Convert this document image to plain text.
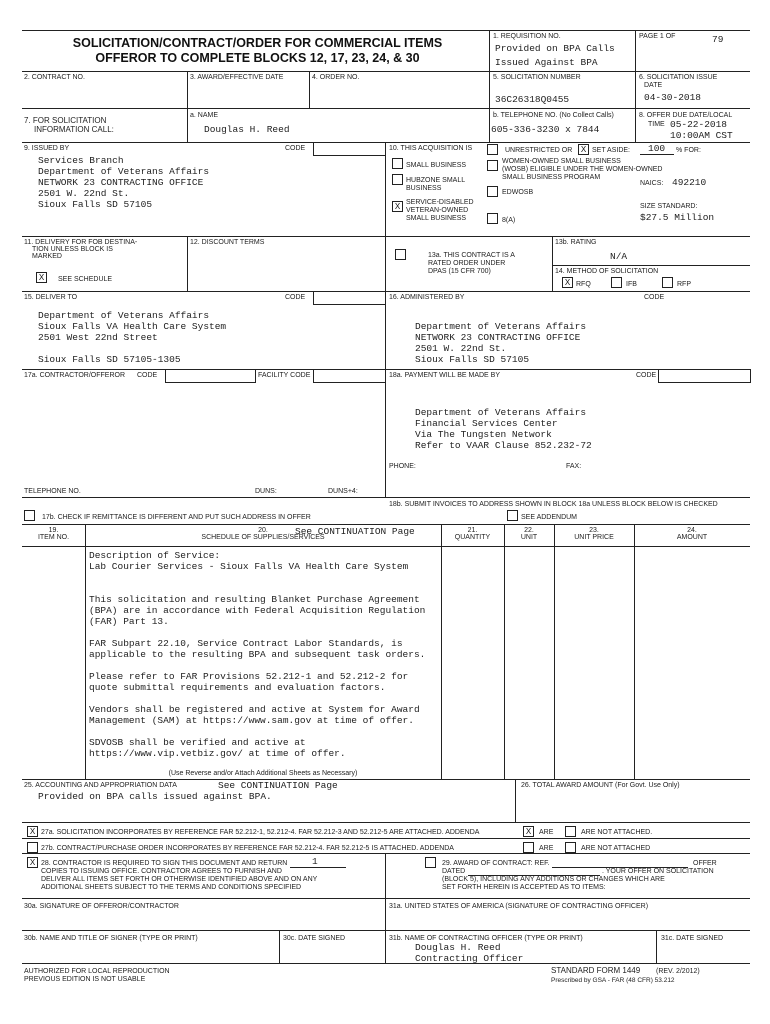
SOLICITATION/CONTRACT/ORDER FOR COMMERCIAL ITEMS
OFFEROR TO COMPLETE BLOCKS 12, 17, 23, 24, & 30
1. REQUISITION NO.
Provided on BPA Calls
Issued Against BPA
PAGE 1 OF	79
2. CONTRACT NO.	3. AWARD/EFFECTIVE DATE	4. ORDER NO.	5. SOLICITATION NUMBER
36C26318Q0455
6. SOLICITATION ISSUE
DATE
04-30-2018
7. FOR SOLICITATION
INFORMATION CALL:
a. NAME
Douglas H. Reed
b. TELEPHONE NO. (No Collect Calls)
605-336-3230 x 7844
8. OFFER DUE DATE/LOCAL
TIME 05-22-2018
10:00AM CST
9. ISSUED BY	CODE
Services Branch
Department of Veterans Affairs
NETWORK 23 CONTRACTING OFFICE
2501 W. 22nd St.
Sioux Falls SD 57105
10. THIS ACQUISITION IS	UNRESTRICTED OR	X SET ASIDE: 100 % FOR:
SMALL BUSINESS
HUBZONE SMALL
BUSINESS
X SERVICE-DISABLED
VETERAN-OWNED
SMALL BUSINESS
WOMEN-OWNED SMALL BUSINESS
(WOSB) ELIGIBLE UNDER THE WOMEN-OWNED
SMALL BUSINESS PROGRAM
EDWOSB
8(A)
NAICS: 492210
SIZE STANDARD:
$27.5 Million
11. DELIVERY FOR FOB DESTINA-
TION UNLESS BLOCK IS
MARKED
X	SEE SCHEDULE
12. DISCOUNT TERMS
13a. THIS CONTRACT IS A
RATED ORDER UNDER
DPAS (15 CFR 700)
13b. RATING
N/A
14. METHOD OF SOLICITATION
X RFQ	IFB	RFP
15. DELIVER TO	CODE
Department of Veterans Affairs
Sioux Falls VA Health Care System
2501 West 22nd Street
Sioux Falls SD 57105-1305
16. ADMINISTERED BY	CODE
Department of Veterans Affairs
NETWORK 23 CONTRACTING OFFICE
2501 W. 22nd St.
Sioux Falls SD 57105
17a. CONTRACTOR/OFFEROR CODE	FACILITY CODE
TELEPHONE NO.	DUNS:	DUNS+4:
17b. CHECK IF REMITTANCE IS DIFFERENT AND PUT SUCH ADDRESS IN OFFER
18a. PAYMENT WILL BE MADE BY	CODE
Department of Veterans Affairs
Financial Services Center
Via The Tungsten Network
Refer to VAAR Clause 852.232-72
PHONE:	FAX:
18b. SUBMIT INVOICES TO ADDRESS SHOWN IN BLOCK 18a UNLESS BLOCK BELOW IS CHECKED
SEE ADDENDUM
19.
ITEM NO.
20.
SCHEDULE OF SUPPLIES/SERVICES
See CONTINUATION Page	21.
QUANTITY
22.
UNIT
23.
UNIT PRICE
24.
AMOUNT
Description of Service:
Lab Courier Services - Sioux Falls VA Health Care System
This solicitation and resulting Blanket Purchase Agreement
(BPA) are in accordance with Federal Acquisition Regulation
(FAR) Part 13.
FAR Subpart 22.10, Service Contract Labor Standards, is
applicable to the resulting BPA and subsequent task orders.
Please refer to FAR Provisions 52.212-1 and 52.212-2 for
quote submittal requirements and evaluation factors.
Vendors shall be registered and active at System for Award
Management (SAM) at https://www.sam.gov at time of offer.
SDVOSB shall be verified and active at
https://www.vip.vetbiz.gov/ at time of offer.
(Use Reverse and/or Attach Additional Sheets as Necessary)
25. ACCOUNTING AND APPROPRIATION DATA	See CONTINUATION Page
Provided on BPA calls issued against BPA.
26. TOTAL AWARD AMOUNT (For Govt. Use Only)
X 27a. SOLICITATION INCORPORATES BY REFERENCE FAR 52.212-1, 52.212-4. FAR 52.212-3 AND 52.212-5 ARE ATTACHED. ADDENDA	X	ARE	ARE NOT ATTACHED.
27b. CONTRACT/PURCHASE ORDER INCORPORATES BY REFERENCE FAR 52.212-4. FAR 52.212-5 IS ATTACHED. ADDENDA	ARE	ARE NOT ATTACHED
X 28. CONTRACTOR IS REQUIRED TO SIGN THIS DOCUMENT AND RETURN	1
COPIES TO ISSUING OFFICE. CONTRACTOR AGREES TO FURNISH AND
DELIVER ALL ITEMS SET FORTH OR OTHERWISE IDENTIFIED ABOVE AND ON ANY
ADDITIONAL SHEETS SUBJECT TO THE TERMS AND CONDITIONS SPECIFIED
29. AWARD OF CONTRACT: REF.	OFFER
DATED	. YOUR OFFER ON SOLICITATION
(BLOCK 5), INCLUDING ANY ADDITIONS OR CHANGES WHICH ARE
SET FORTH HEREIN IS ACCEPTED AS TO ITEMS:
30a. SIGNATURE OF OFFEROR/CONTRACTOR	31a. UNITED STATES OF AMERICA (SIGNATURE OF CONTRACTING OFFICER)
30b. NAME AND TITLE OF SIGNER (TYPE OR PRINT)	30c. DATE SIGNED	31b. NAME OF CONTRACTING OFFICER (TYPE OR PRINT)
Douglas H. Reed
Contracting Officer
31c. DATE SIGNED
AUTHORIZED FOR LOCAL REPRODUCTION
PREVIOUS EDITION IS NOT USABLE
STANDARD FORM 1449 (REV. 2/2012)
Prescribed by GSA - FAR (48 CFR) 53.212
